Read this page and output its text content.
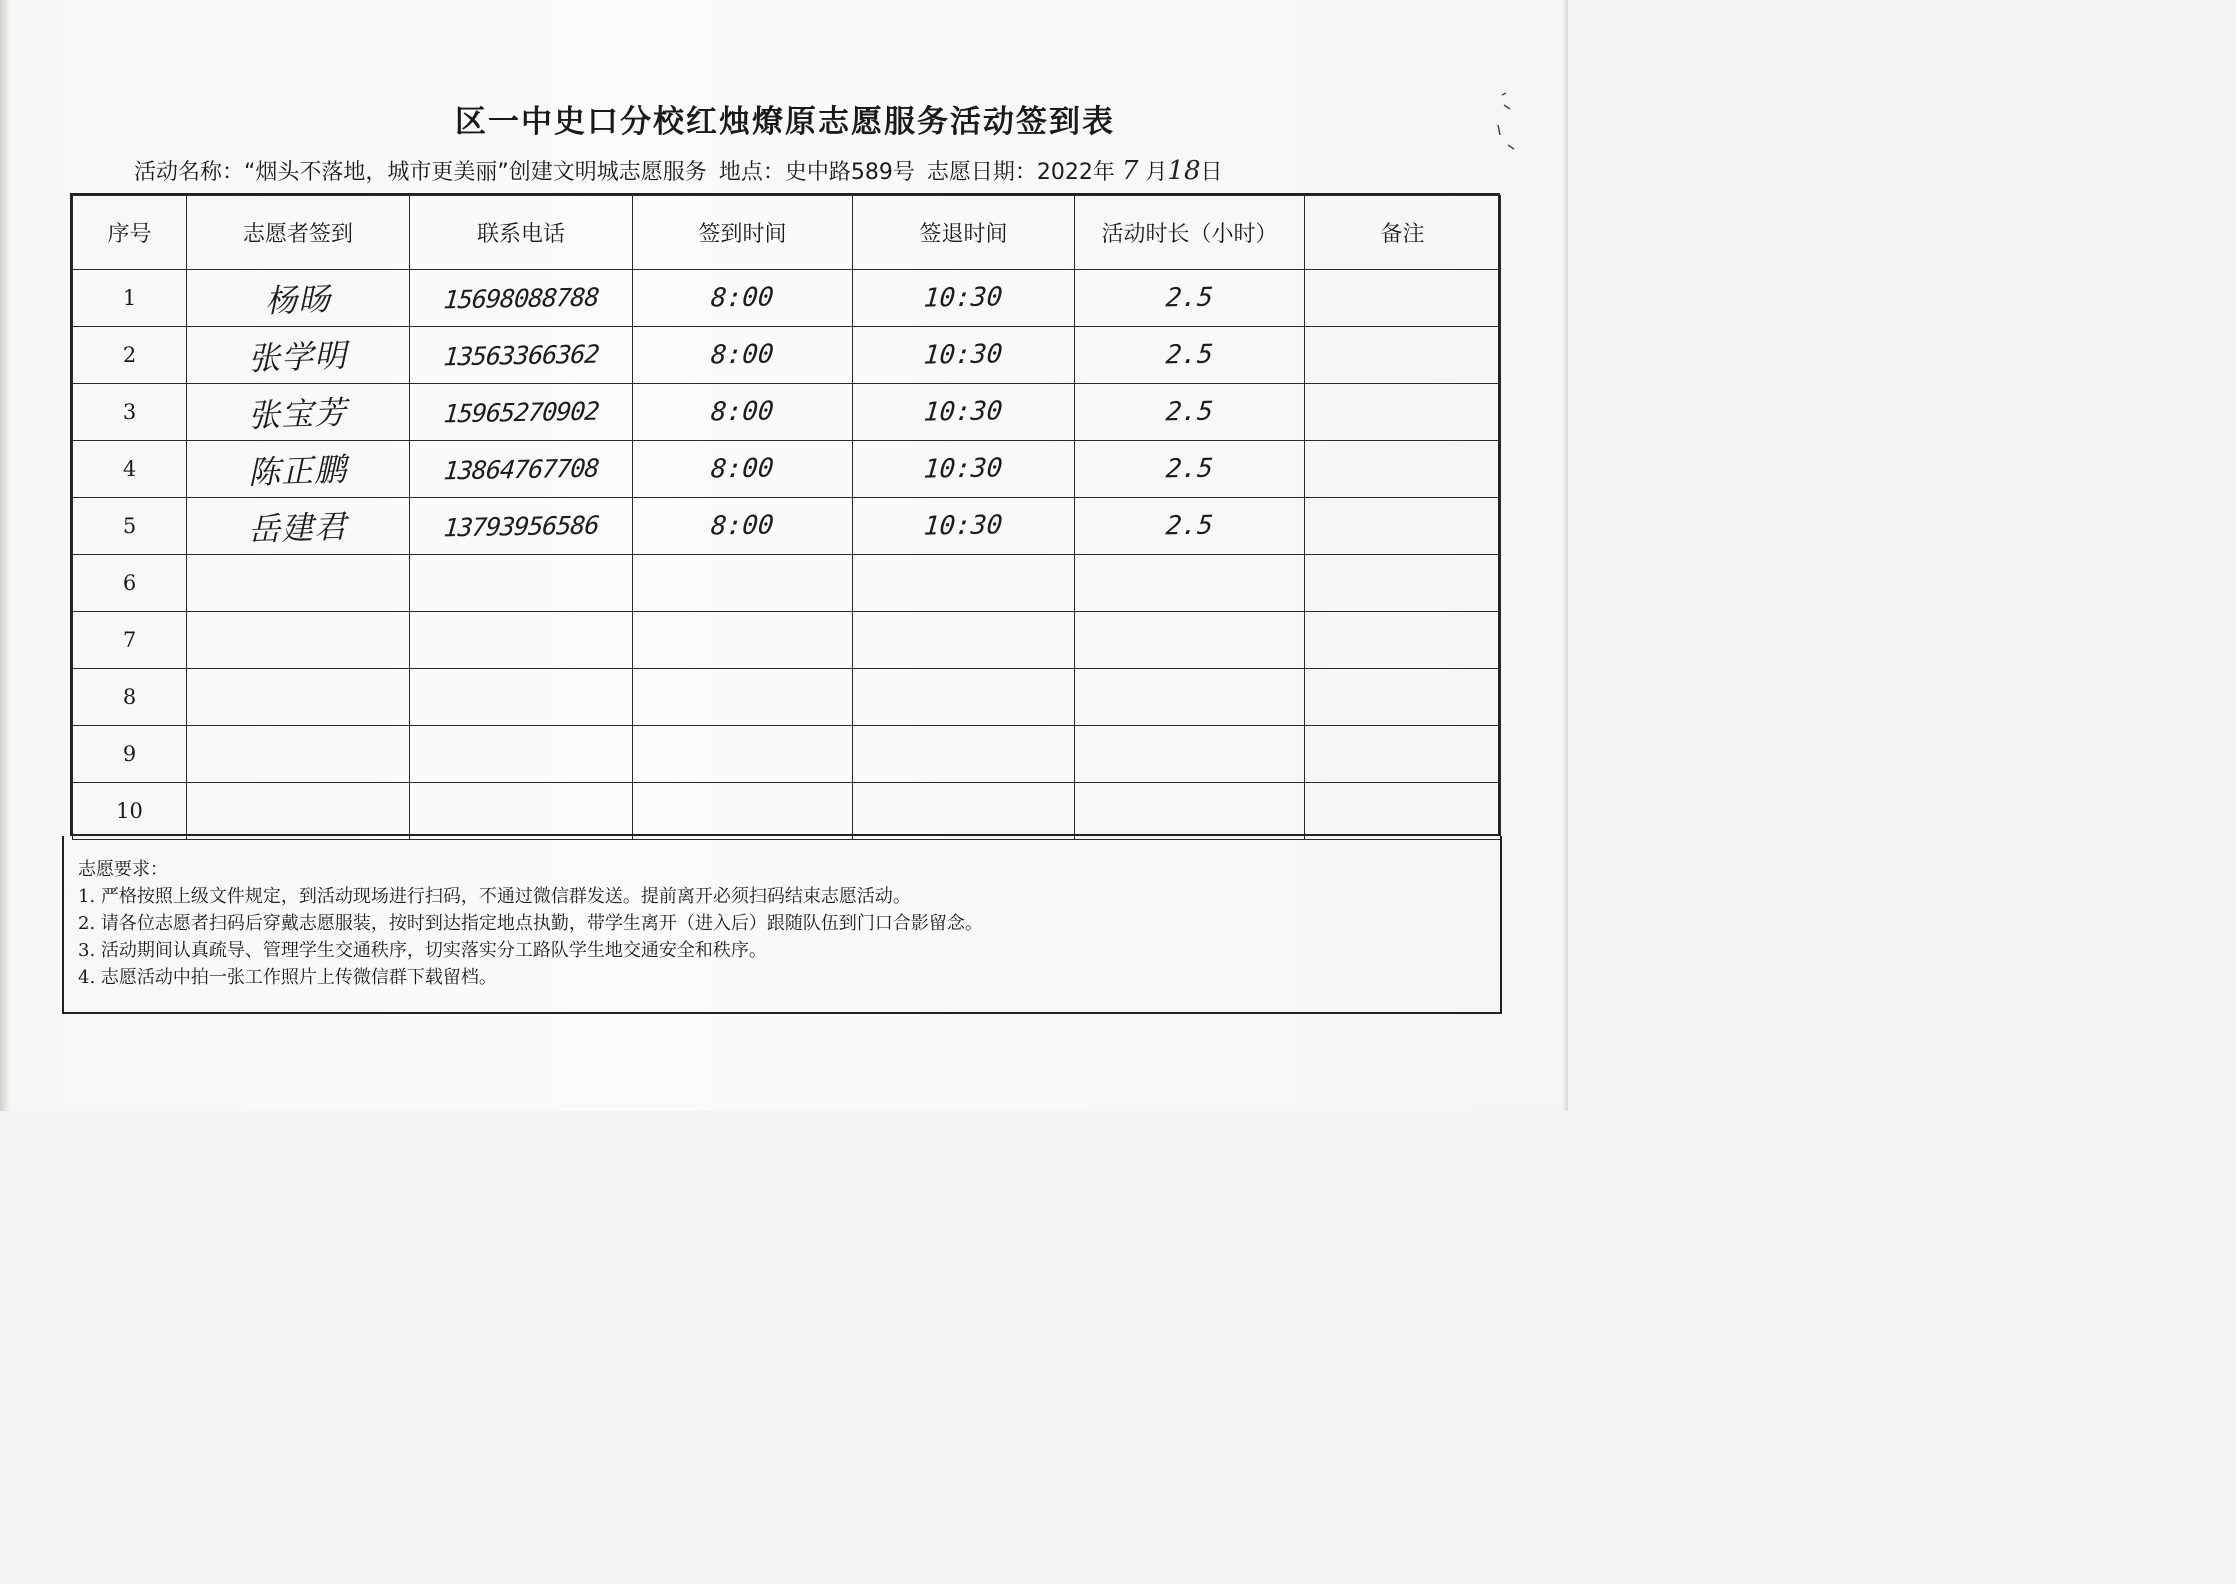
区一中史口分校红烛燎原志愿服务活动签到表
活动名称：“烟头不落地，城市更美丽”创建文明城志愿服务 地点：史中路589号 志愿日期：2022年 7 月18日
序号	志愿者签到	联系电话	签到时间	签退时间	活动时长（小时）	备注
1	杨旸	15698088788	8:00	10:30	2.5	
2	张学明	13563366362	8:00	10:30	2.5	
3	张宝芳	15965270902	8:00	10:30	2.5	
4	陈正鹏	13864767708	8:00	10:30	2.5	
5	岳建君	13793956586	8:00	10:30	2.5	
6						
7						
8						
9						
10						
志愿要求：
1. 严格按照上级文件规定，到活动现场进行扫码，不通过微信群发送。提前离开必须扫码结束志愿活动。
2. 请各位志愿者扫码后穿戴志愿服装，按时到达指定地点执勤，带学生离开（进入后）跟随队伍到门口合影留念。
3. 活动期间认真疏导、管理学生交通秩序，切实落实分工路队学生地交通安全和秩序。
4. 志愿活动中拍一张工作照片上传微信群下载留档。
